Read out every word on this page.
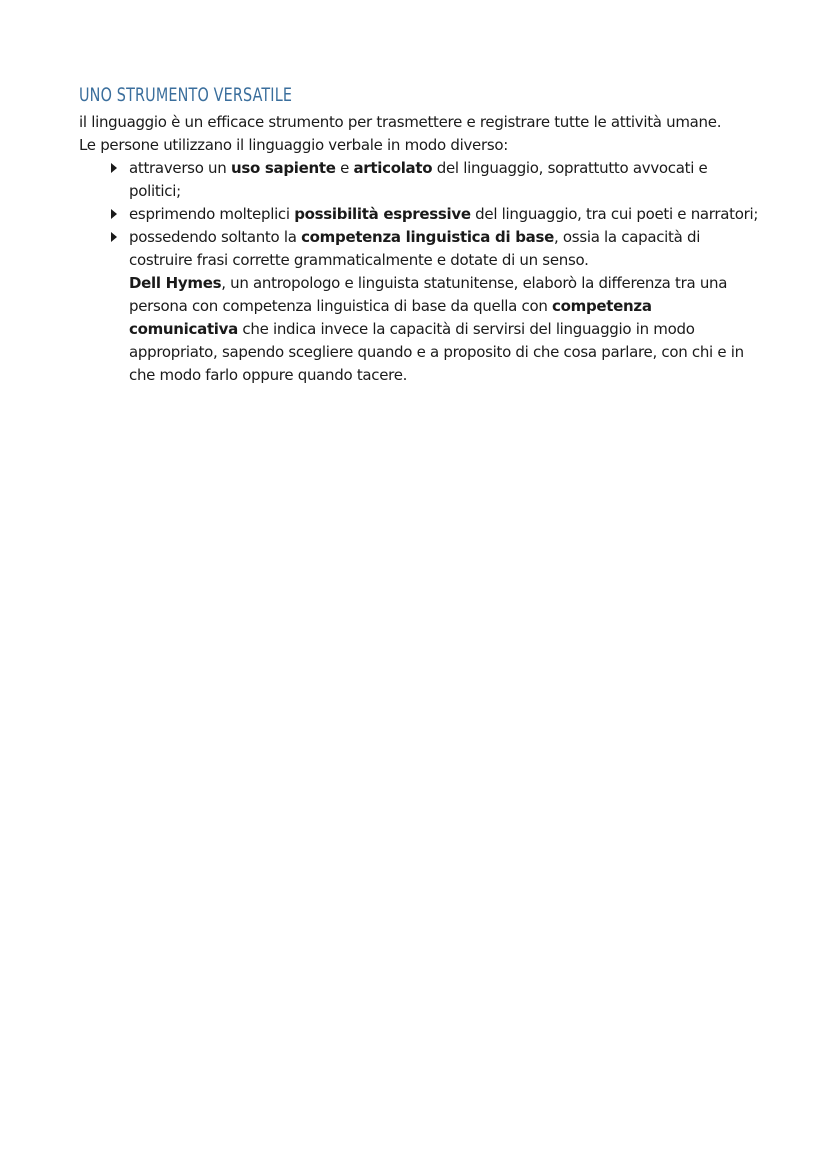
UNO STRUMENTO VERSATILE

il linguaggio è un efficace strumento per trasmettere e registrare tutte le attività umane.

Le persone utilizzano il linguaggio verbale in modo diverso:

attraverso un uso sapiente e articolato del linguaggio, soprattutto avvocati e politici;
esprimendo molteplici possibilità espressive del linguaggio, tra cui poeti e narratori;
possedendo soltanto la competenza linguistica di base, ossia la capacità di costruire frasi corrette grammaticalmente e dotate di un senso.
Dell Hymes, un antropologo e linguista statunitense, elaborò la differenza tra una persona con competenza linguistica di base da quella con competenza comunicativa che indica invece la capacità di servirsi del linguaggio in modo appropriato, sapendo scegliere quando e a proposito di che cosa parlare, con chi e in che modo farlo oppure quando tacere.
